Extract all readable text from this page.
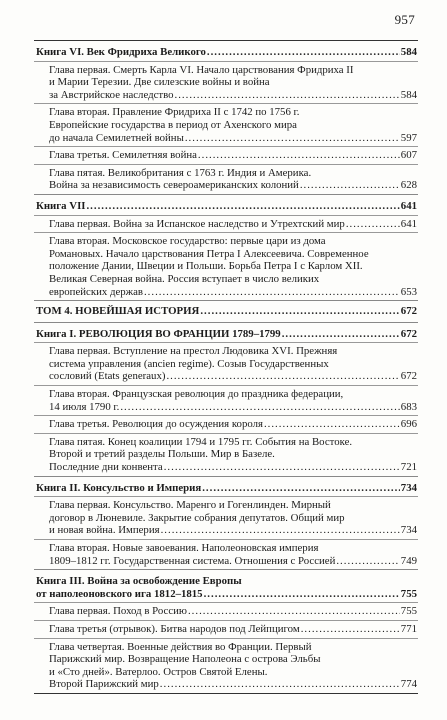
957
Книга VI. Век Фридриха Великого .....	584
Глава первая. Смерть Карла VI. Начало царствования Фридриха II
и Марии Терезии. Две силезские войны и война
за Австрийское наследство .....	584
Глава вторая. Правление Фридриха II с 1742 по 1756 г.
Европейские государства в период от Ахенского мира
до начала Семилетней войны .....	597
Глава третья. Семилетняя война .....	607
Глава пятая. Великобритания с 1763 г. Индия и Америка.
Война за независимость североамериканских колоний .....	628
Книга VII .....	641
Глава первая. Война за Испанское наследство и Утрехтский мир .....	641
Глава вторая. Московское государство: первые цари из дома
Романовых. Начало царствования Петра I Алексеевича. Современное
положение Дании, Швеции и Польши. Борьба Петра I с Карлом XII.
Великая Северная война. Россия вступает в число великих
европейских держав .....	653
ТОМ 4. НОВЕЙШАЯ ИСТОРИЯ .....	672
Книга I. РЕВОЛЮЦИЯ ВО ФРАНЦИИ 1789–1799 .....	672
Глава первая. Вступление на престол Людовика XVI. Прежняя
система управления (ancien regime). Созыв Государственных
сословий (Etats generaux) .....	672
Глава вторая. Французская революция до праздника федерации,
14 июля 1790 г. .....	683
Глава третья. Революция до осуждения короля .....	696
Глава пятая. Конец коалиции 1794 и 1795 гг. События на Востоке.
Второй и третий разделы Польши. Мир в Базеле.
Последние дни конвента .....	721
Книга II. Консульство и Империя .....	734
Глава первая. Консульство. Маренго и Гогенлинден. Мирный
договор в Люневиле. Закрытие собрания депутатов. Общий мир
и новая война. Империя .....	734
Глава вторая. Новые завоевания. Наполеоновская империя
1809–1812 гг. Государственная система. Отношения с Россией .....	749
Книга III. Война за освобождение Европы
от наполеоновского ига 1812–1815 .....	755
Глава первая. Поход в Россию .....	755
Глава третья (отрывок). Битва народов под Лейпцигом .....	771
Глава четвертая. Военные действия во Франции. Первый
Парижский мир. Возвращение Наполеона с острова Эльбы
и «Сто дней». Ватерлоо. Остров Святой Елены.
Второй Парижский мир .....	774
